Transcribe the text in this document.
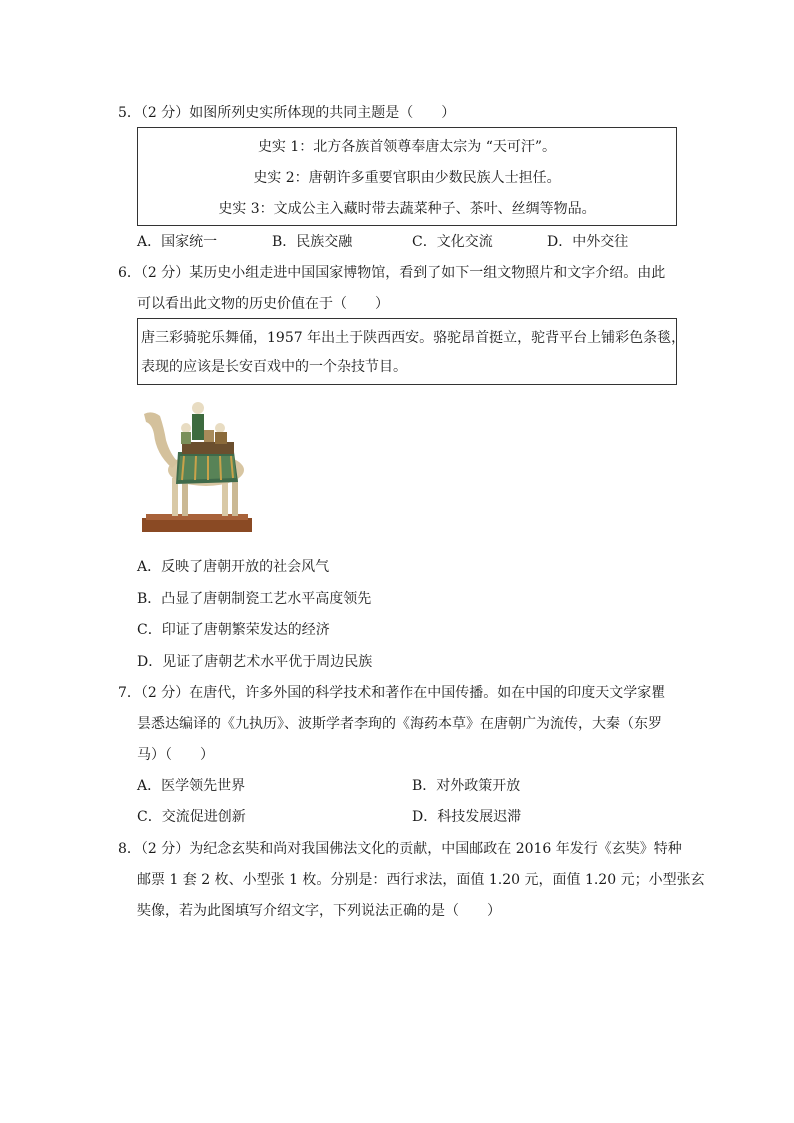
5．（2 分）如图所列史实所体现的共同主题是（　　）
史实 1：北方各族首领尊奉唐太宗为 “天可汗”。
史实 2：唐朝许多重要官职由少数民族人士担任。
史实 3：文成公主入藏时带去蔬菜种子、茶叶、丝绸等物品。
A．国家统一	B．民族交融	C．文化交流	D．中外交往
6．（2 分）某历史小组走进中国国家博物馆，看到了如下一组文物照片和文字介绍。由此
可以看出此文物的历史价值在于（　　）
唐三彩骑驼乐舞俑，1957 年出土于陕西西安。骆驼昂首挺立，驼背平台上铺彩色条毯，
表现的应该是长安百戏中的一个杂技节目。
A．反映了唐朝开放的社会风气
B．凸显了唐朝制瓷工艺水平高度领先
C．印证了唐朝繁荣发达的经济
D．见证了唐朝艺术水平优于周边民族
7．（2 分）在唐代，许多外国的科学技术和著作在中国传播。如在中国的印度天文学家瞿
昙悉达编译的《九执历》、波斯学者李珣的《海药本草》在唐朝广为流传，大秦（东罗
马）（　　）
A．医学领先世界	B．对外政策开放
C．交流促进创新	D．科技发展迟滞
8．（2 分）为纪念玄奘和尚对我国佛法文化的贡献，中国邮政在 2016 年发行《玄奘》特种
邮票 1 套 2 枚、小型张 1 枚。分别是：西行求法，面值 1.20 元，面值 1.20 元；小型张玄
奘像，若为此图填写介绍文字，下列说法正确的是（　　）
